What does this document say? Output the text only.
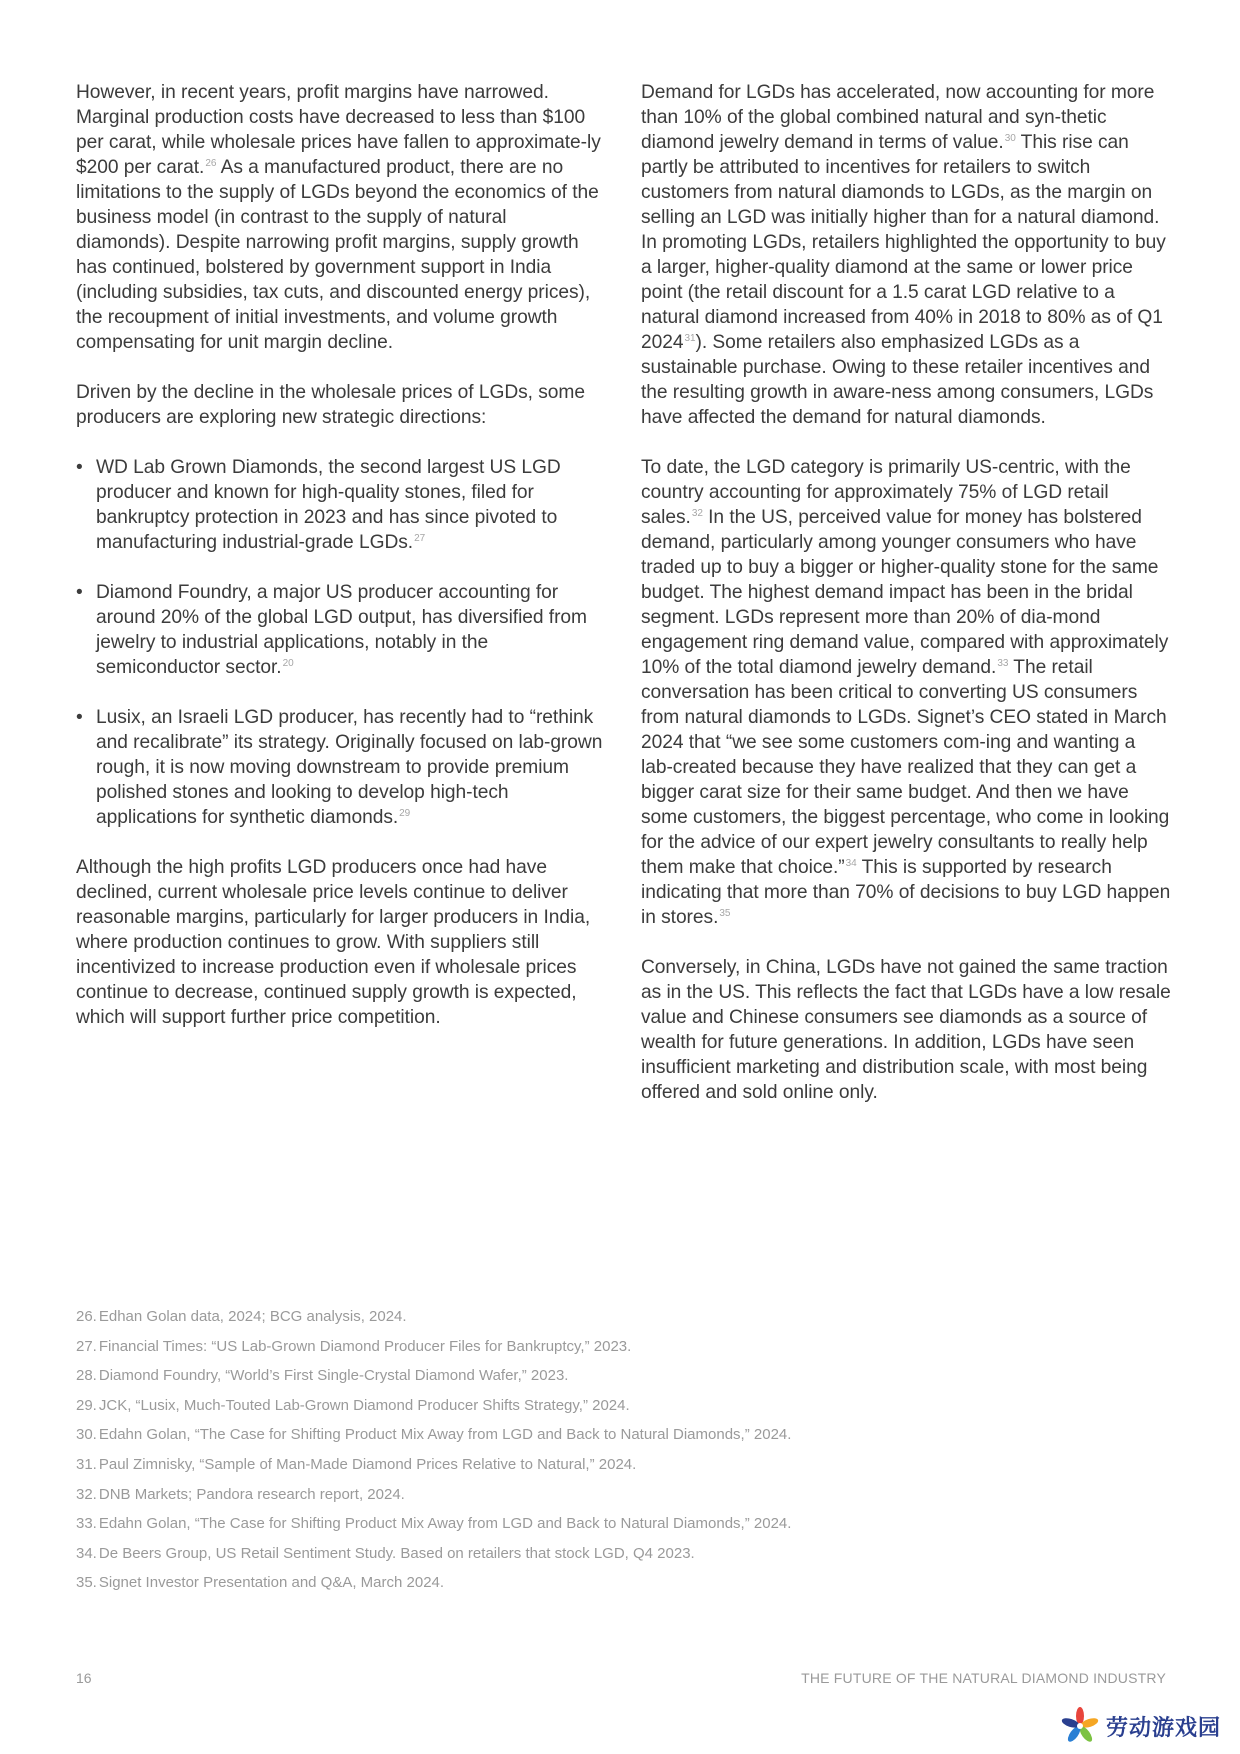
However, in recent years, profit margins have narrowed. Marginal production costs have decreased to less than $100 per carat, while wholesale prices have fallen to approximate-ly $200 per carat.$^{26}$ As a manufactured product, there are no limitations to the supply of LGDs beyond the economics of the business model (in contrast to the supply of natural diamonds). Despite narrowing profit margins, supply growth has continued, bolstered by government support in India (including subsidies, tax cuts, and discounted energy prices), the recoupment of initial investments, and volume growth compensating for unit margin decline.

Driven by the decline in the wholesale prices of LGDs, some producers are exploring new strategic directions:

• WD Lab Grown Diamonds, the second largest US LGD producer and known for high-quality stones, filed for bankruptcy protection in 2023 and has since pivoted to manufacturing industrial-grade LGDs.$^{27}$
• Diamond Foundry, a major US producer accounting for around 20% of the global LGD output, has diversified from jewelry to industrial applications, notably in the semiconductor sector.$^{20}$
• Lusix, an Israeli LGD producer, has recently had to “rethink and recalibrate” its strategy. Originally focused on lab-grown rough, it is now moving downstream to provide premium polished stones and looking to develop high-tech applications for synthetic diamonds.$^{29}$

Although the high profits LGD producers once had have declined, current wholesale price levels continue to deliver reasonable margins, particularly for larger producers in India, where production continues to grow. With suppliers still incentivized to increase production even if wholesale prices continue to decrease, continued supply growth is expected, which will support further price competition.

Demand for LGDs has accelerated, now accounting for more than 10% of the global combined natural and syn-thetic diamond jewelry demand in terms of value.$^{30}$ This rise can partly be attributed to incentives for retailers to switch customers from natural diamonds to LGDs, as the margin on selling an LGD was initially higher than for a natural diamond. In promoting LGDs, retailers highlighted the opportunity to buy a larger, higher-quality diamond at the same or lower price point (the retail discount for a 1.5 carat LGD relative to a natural diamond increased from 40% in 2018 to 80% as of Q1 2024$^{31}$). Some retailers also emphasized LGDs as a sustainable purchase. Owing to these retailer incentives and the resulting growth in aware-ness among consumers, LGDs have affected the demand for natural diamonds.

To date, the LGD category is primarily US-centric, with the country accounting for approximately 75% of LGD retail sales.$^{32}$ In the US, perceived value for money has bolstered demand, particularly among younger consumers who have traded up to buy a bigger or higher-quality stone for the same budget. The highest demand impact has been in the bridal segment. LGDs represent more than 20% of dia-mond engagement ring demand value, compared with approximately 10% of the total diamond jewelry demand.$^{33}$ The retail conversation has been critical to converting US consumers from natural diamonds to LGDs. Signet’s CEO stated in March 2024 that “we see some customers com-ing and wanting a lab-created because they have realized that they can get a bigger carat size for their same budget. And then we have some customers, the biggest percentage, who come in looking for the advice of our expert jewelry consultants to really help them make that choice.”$^{34}$ This is supported by research indicating that more than 70% of decisions to buy LGD happen in stores.$^{35}$

Conversely, in China, LGDs have not gained the same traction as in the US. This reflects the fact that LGDs have a low resale value and Chinese consumers see diamonds as a source of wealth for future generations. In addition, LGDs have seen insufficient marketing and distribution scale, with most being offered and sold online only.

26. Edhan Golan data, 2024; BCG analysis, 2024.
27. Financial Times: “US Lab-Grown Diamond Producer Files for Bankruptcy,” 2023.
28. Diamond Foundry, “World’s First Single-Crystal Diamond Wafer,” 2023.
29. JCK, “Lusix, Much-Touted Lab-Grown Diamond Producer Shifts Strategy,” 2024.
30. Edahn Golan, “The Case for Shifting Product Mix Away from LGD and Back to Natural Diamonds,” 2024.
31. Paul Zimnisky, “Sample of Man-Made Diamond Prices Relative to Natural,” 2024.
32. DNB Markets; Pandora research report, 2024.
33. Edahn Golan, “The Case for Shifting Product Mix Away from LGD and Back to Natural Diamonds,” 2024.
34. De Beers Group, US Retail Sentiment Study. Based on retailers that stock LGD, Q4 2023.
35. Signet Investor Presentation and Q&A, March 2024.
16	THE FUTURE OF THE NATURAL DIAMOND INDUSTRY
劳动游戏园
